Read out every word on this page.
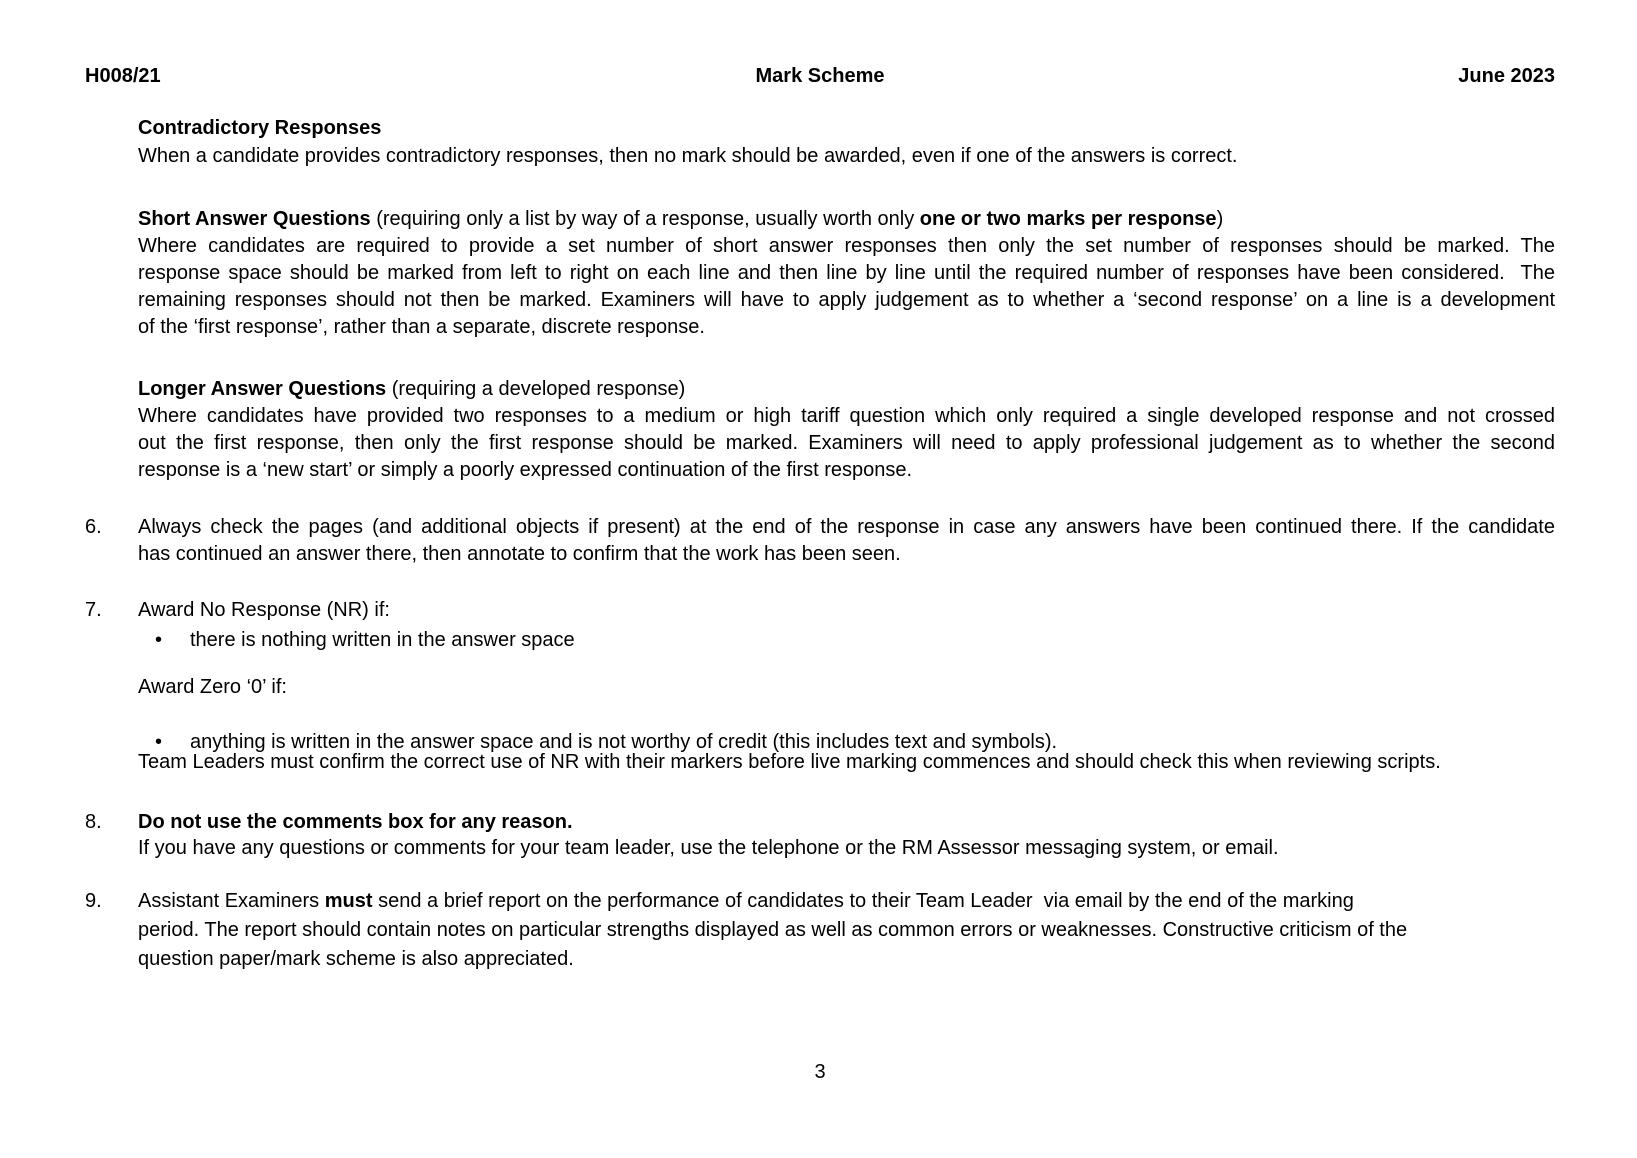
H008/21	Mark Scheme	June 2023
Contradictory Responses
When a candidate provides contradictory responses, then no mark should be awarded, even if one of the answers is correct.
Short Answer Questions (requiring only a list by way of a response, usually worth only one or two marks per response)
Where candidates are required to provide a set number of short answer responses then only the set number of responses should be marked. The
response space should be marked from left to right on each line and then line by line until the required number of responses have been considered.  The
remaining responses should not then be marked. Examiners will have to apply judgement as to whether a ‘second response’ on a line is a development
of the ‘first response’, rather than a separate, discrete response.
Longer Answer Questions (requiring a developed response)
Where candidates have provided two responses to a medium or high tariff question which only required a single developed response and not crossed
out the first response, then only the first response should be marked. Examiners will need to apply professional judgement as to whether the second
response is a ‘new start’ or simply a poorly expressed continuation of the first response.
6. Always check the pages (and additional objects if present) at the end of the response in case any answers have been continued there. If the candidate
has continued an answer there, then annotate to confirm that the work has been seen.
7. Award No Response (NR) if:
• there is nothing written in the answer space
Award Zero ‘0’ if:
• anything is written in the answer space and is not worthy of credit (this includes text and symbols).
Team Leaders must confirm the correct use of NR with their markers before live marking commences and should check this when reviewing scripts.
8. Do not use the comments box for any reason.
If you have any questions or comments for your team leader, use the telephone or the RM Assessor messaging system, or email.
9. Assistant Examiners must send a brief report on the performance of candidates to their Team Leader  via email by the end of the marking
period. The report should contain notes on particular strengths displayed as well as common errors or weaknesses. Constructive criticism of the
question paper/mark scheme is also appreciated.
3
